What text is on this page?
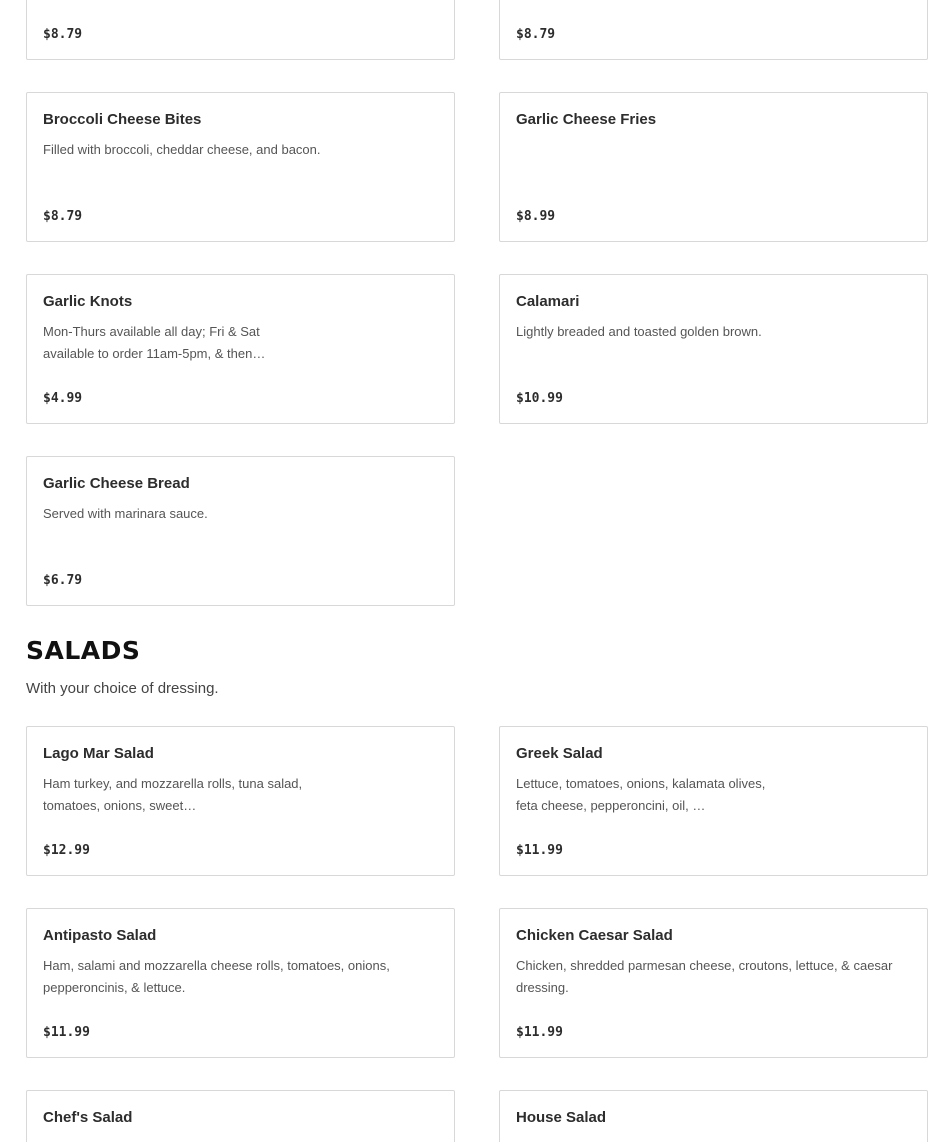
$8.79	$8.79
Broccoli Cheese Bites
Filled with broccoli, cheddar cheese, and bacon.
$8.79
Garlic Cheese Fries
$8.99
Garlic Knots
Mon-Thurs available all day; Fri & Sat available to order 11am-5pm, & then…
$4.99
Calamari
Lightly breaded and toasted golden brown.
$10.99
Garlic Cheese Bread
Served with marinara sauce.
$6.79
SALADS

With your choice of dressing.

Lago Mar Salad
Ham turkey, and mozzarella rolls, tuna salad, tomatoes, onions, sweet…
$12.99
Greek Salad
Lettuce, tomatoes, onions, kalamata olives, feta cheese, pepperoncini, oil, …
$11.99
Antipasto Salad
Ham, salami and mozzarella cheese rolls, tomatoes, onions, pepperoncinis, & lettuce.
$11.99
Chicken Caesar Salad
Chicken, shredded parmesan cheese, croutons, lettuce, & caesar dressing.
$11.99
Chef's Salad	House Salad
